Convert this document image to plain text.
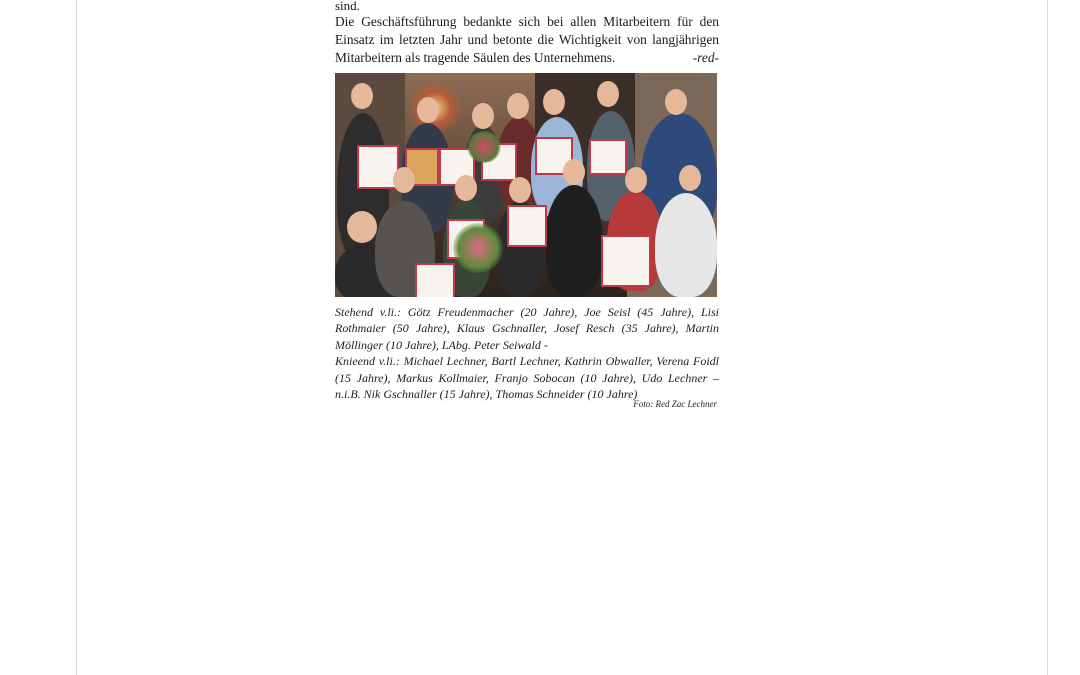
sind.

Die Geschäftsführung bedankte sich bei allen Mitarbeitern für den Einsatz im letzten Jahr und betonte die Wichtigkeit von langjährigen Mitarbeitern als tragende Säulen des Unternehmens.	-red-

Stehend v.li.: Götz Freudenmacher (20 Jahre), Joe Seisl (45 Jahre), Lisi Rothmaier (50 Jahre), Klaus Gschnaller, Josef Resch (35 Jahre), Martin Möllinger (10 Jahre), LAbg. Peter Seiwald -
Knieend v.li.: Michael Lechner, Bartl Lechner, Kathrin Obwaller, Verena Foidl (15 Jahre), Markus Kollmaier, Franjo Sobocan (10 Jahre), Udo Lechner – n.i.B. Nik Gschnaller (15 Jahre), Thomas Schneider (10 Jahre)
Foto: Red Zac Lechner
